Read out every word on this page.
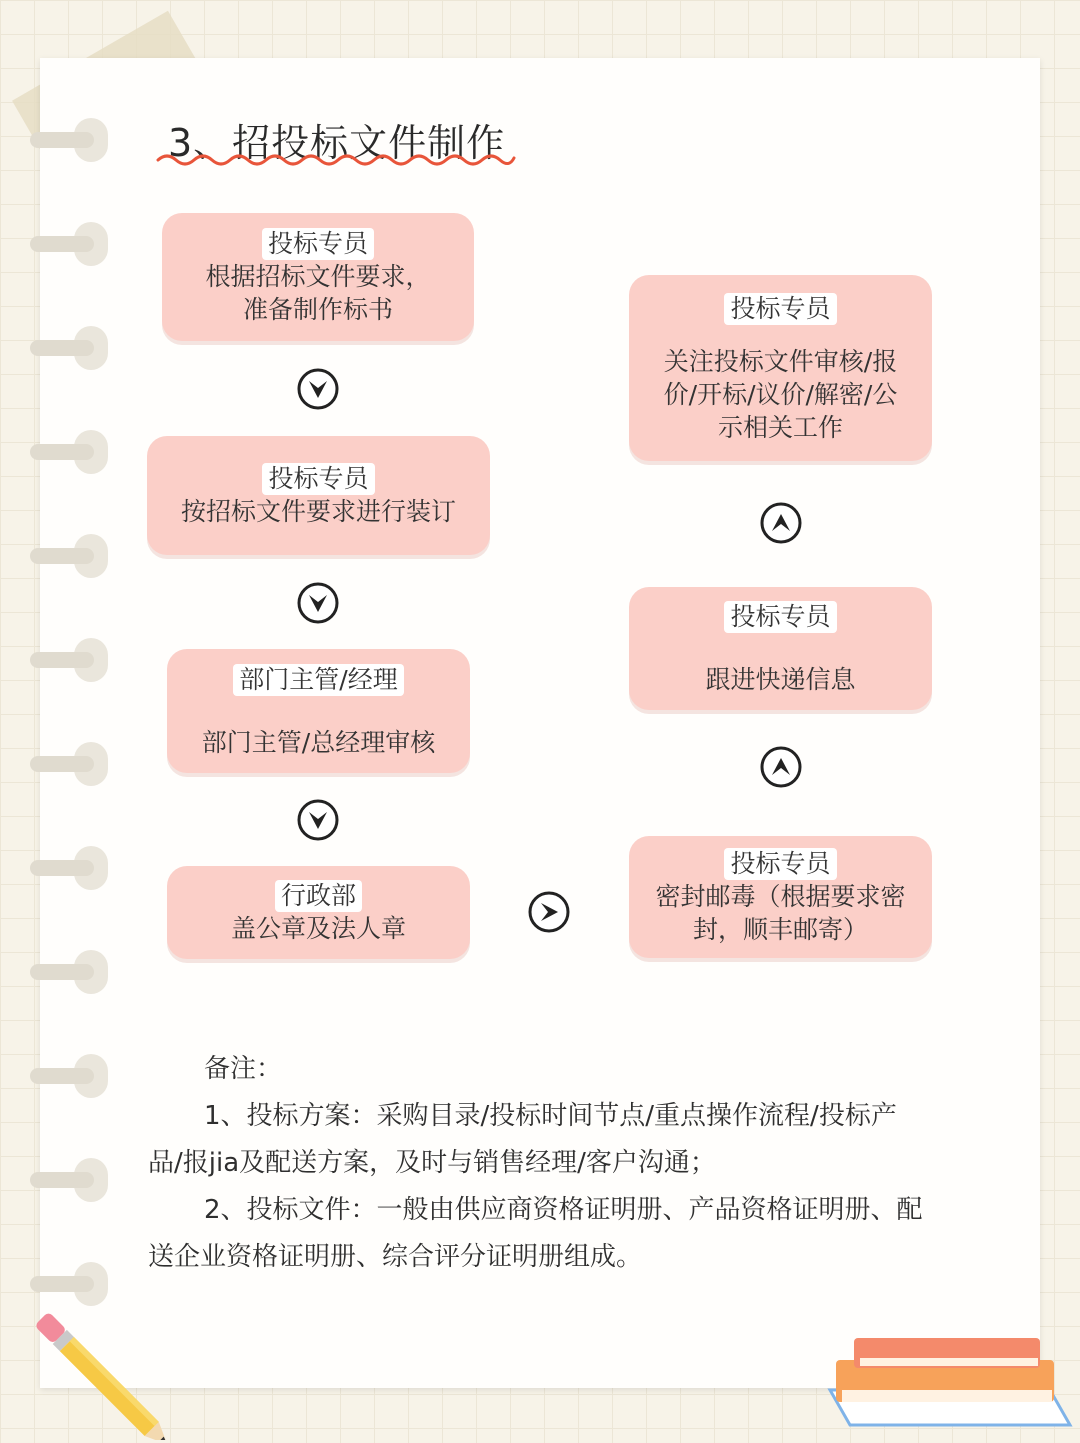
3、招投标文件制作
投标专员
根据招标文件要求，
准备制作标书
投标专员
按招标文件要求进行装订
部门主管/经理
部门主管/总经理审核
行政部
盖公章及法人章
投标专员
密封邮毒（根据要求密
封，顺丰邮寄）
投标专员
跟进快递信息
投标专员
关注投标文件审核/报
价/开标/议价/解密/公
示相关工作
备注：
1、投标方案：采购目录/投标时间节点/重点操作流程/投标产品/报jia及配送方案，及时与销售经理/客户沟通；
2、投标文件：一般由供应商资格证明册、产品资格证明册、配送企业资格证明册、综合评分证明册组成。
